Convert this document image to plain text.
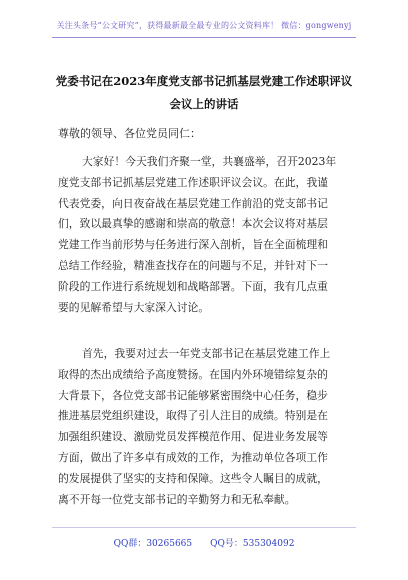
关注头条号“公文研究”，获得最新最全最专业的公文资料库！ 微信：gongwenyj
党委书记在2023年度党支部书记抓基层党建工作述职评议
会议上的讲话
尊敬的领导、各位党员同仁：
大家好！今天我们齐聚一堂，共襄盛举，召开2023年
度党支部书记抓基层党建工作述职评议会议。在此，我谨
代表党委，向日夜奋战在基层党建工作前沿的党支部书记
们，致以最真挚的感谢和崇高的敬意！本次会议将对基层
党建工作当前形势与任务进行深入剖析，旨在全面梳理和
总结工作经验，精准查找存在的问题与不足，并针对下一
阶段的工作进行系统规划和战略部署。下面，我有几点重
要的见解希望与大家深入讨论。
首先，我要对过去一年党支部书记在基层党建工作上
取得的杰出成绩给予高度赞扬。在国内外环境错综复杂的
大背景下，各位党支部书记能够紧密围绕中心任务，稳步
推进基层党组织建设，取得了引人注目的成绩。特别是在
加强组织建设、激励党员发挥模范作用、促进业务发展等
方面，做出了许多卓有成效的工作，为推动单位各项工作
的发展提供了坚实的支持和保障。这些令人瞩目的成就，
离不开每一位党支部书记的辛勤努力和无私奉献。
QQ群：30265665 QQ号：535304092
